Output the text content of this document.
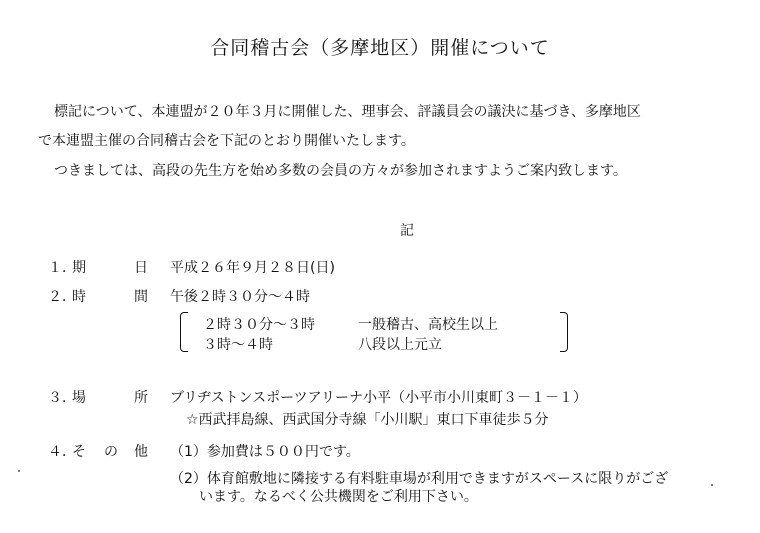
合同稽古会（多摩地区）開催について
標記について、本連盟が２０年３月に開催した、理事会、評議員会の議決に基づき、多摩地区
で本連盟主催の合同稽古会を下記のとおり開催いたします。
つきましては、高段の先生方を始め多数の会員の方々が参加されますようご案内致します。
記
１．
期	日 平成２６年９月２８日(日)
２．
時	間 午後２時３０分～４時
２時３０分～３時	一般稽古、高校生以上
３時～４時	八段以上元立
３．
場	所 ブリヂストンスポーツアリーナ小平（小平市小川東町３－１－１）
☆西武拝島線、西武国分寺線「小川駅」東口下車徒歩５分
４．
そ の 他 （1）参加費は５００円です。
（2）体育館敷地に隣接する有料駐車場が利用できますがスペースに限りがござ
います。なるべく公共機関をご利用下さい。
